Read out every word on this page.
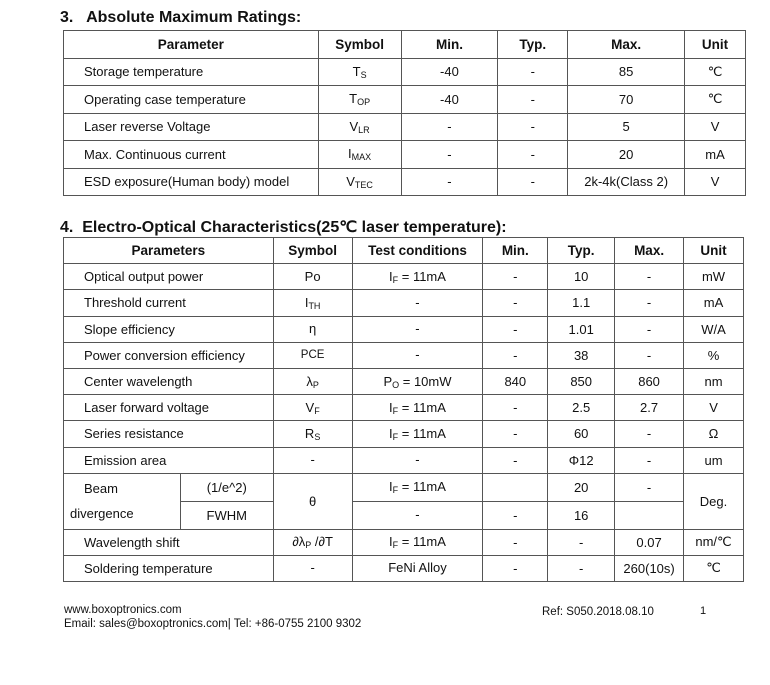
3.   Absolute Maximum Ratings:
Parameter	Symbol	Min.	Typ.	Max.	Unit
Storage temperature	$T_S$	-40	-	85	℃
Operating case temperature	$T_{OP}$	-40	-	70	℃
Laser reverse Voltage	$V_{LR}$	-	-	5	V
Max. Continuous current	$I_{MAX}$	-	-	20	mA
ESD exposure(Human body) model	$V_{TEC}$	-	-	2k-4k(Class 2)	V
4.  Electro-Optical Characteristics(25℃ laser temperature):
Parameters		Symbol	Test conditions	Min.	Typ.	Max.	Unit
Optical output power		Po	$I_F = 11mA$	-	10	-	mW
Threshold current		$I_{TH}$	-	-	1.1	-	mA
Slope efficiency		η	-	-	1.01	-	W/A
Power conversion efficiency		PCE	-	-	38	-	%
Center wavelength		$\lambda_P$	$P_O = 10mW$	840	850	860	nm
Laser forward voltage		$V_F$	$I_F = 11mA$	-	2.5	2.7	V
Series resistance		$R_S$	$I_F = 11mA$	-	60	-	Ω
Emission area		-	-	-	Φ12	-	um

Beam
divergence	(1/e^2)	θ	$I_F = 11mA$		20	-	Deg.
	FWHM		-	-	16		
Wavelength shift		$\partial\lambda_P$ /∂T	$I_F = 11mA$	-	-	0.07	nm/℃
Soldering temperature		-	FeNi Alloy	-	-	260(10s)	℃
www.boxoptronics.com
Email: sales@boxoptronics.com| Tel: +86-0755 2100 9302
Ref: S050.2018.08.10	1
